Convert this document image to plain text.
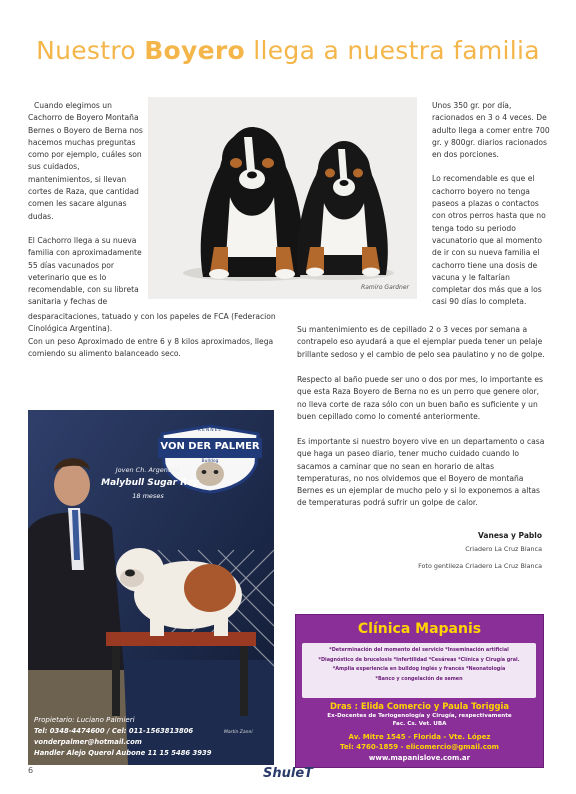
Nuestro Boyero llega a nuestra familia

Cuando elegimos un Cachorro de Boyero Montaña Bernes o Boyero de Berna nos hacemos muchas preguntas como por ejemplo, cuáles son sus cuidados, mantenimientos, si llevan cortes de Raza, que cantidad comen les sacare algunas dudas.

El Cachorro llega a su nueva familia con aproximadamente 55 días vacunados por veterinario que es lo recomendable, con su libreta sanitaria y fechas de

Ramiro Gardner

Unos 350 gr. por día, racionados en 3 o 4 veces. De adulto llega a comer entre 700 gr. y 800gr. diarios racionados en dos porciones.

Lo recomendable es que el cachorro boyero no tenga paseos a plazas o contactos con otros perros hasta que no tenga todo su periodo vacunatorio que al momento de ir con su nueva familia el cachorro tiene una dosis de vacuna y le faltarían completar dos más que a los casi 90 días lo completa.

desparacitaciones, tatuado y con los papeles de FCA (Federacion Cinológica Argentina).
Con un peso Aproximado de entre 6 y 8 kilos aproximados, llega comiendo su alimento balanceado seco.
Su mantenimiento es de cepillado 2 o 3 veces por semana a contrapelo eso ayudará a que el ejemplar pueda tener un pelaje brillante sedoso y el cambio de pelo sea paulatino y no de golpe.
Respecto al baño puede ser uno o dos por mes, lo importante es que esta Raza Boyero de Berna no es un perro que genere olor, no lleva corte de raza sólo con un buen baño es suficiente y un buen cepillado como lo comenté anteriormente.
Es importante si nuestro boyero vive en un departamento o casa que haga un paseo diario, tener mucho cuidado cuando lo sacamos a caminar que no sean en horario de altas temperaturas, no nos olvidemos que el Boyero de montaña Bernes es un ejemplar de mucho pelo y si lo exponemos a altas de temperaturas podrá sufrir un golpe de calor.
Vanesa y Pablo
Criadero La Cruz Blanca
Foto gentileza Criadero La Cruz Blanca
KENNEL
VON DER PALMER
Bulldog
Joven Ch. Argentino
Malybull Sugar Ray
18 meses
Propietario: Luciano Palmieri
Tel: 0348-4474600 / Cel: 011-1563813806
vonderpalmer@hotmail.com
Handler Alejo Querol Aubone 11 15 5486 3939
Martin Zanni
Clínica Mapanis
*Determinación del momento del servicio *Inseminación artificial
*Diagnóstico de brucelosis *Infertilidad *Cesáreas *Clínica y Cirugía gral.
*Amplia experiencia en bulldog inglés y francés *Neonatología
*Banco y congelación de semen
Dras : Elida Comercio y Paula Toriggia
Ex-Docentes de Teriogenología y Cirugía, respectivamente
Fac. Cs. Vet. UBA
Av. Mitre 1545 - Florida - Vte. López
Tel: 4760-1859 - elicomercio@gmail.com
www.mapanislove.com.ar
6	ShuleT
